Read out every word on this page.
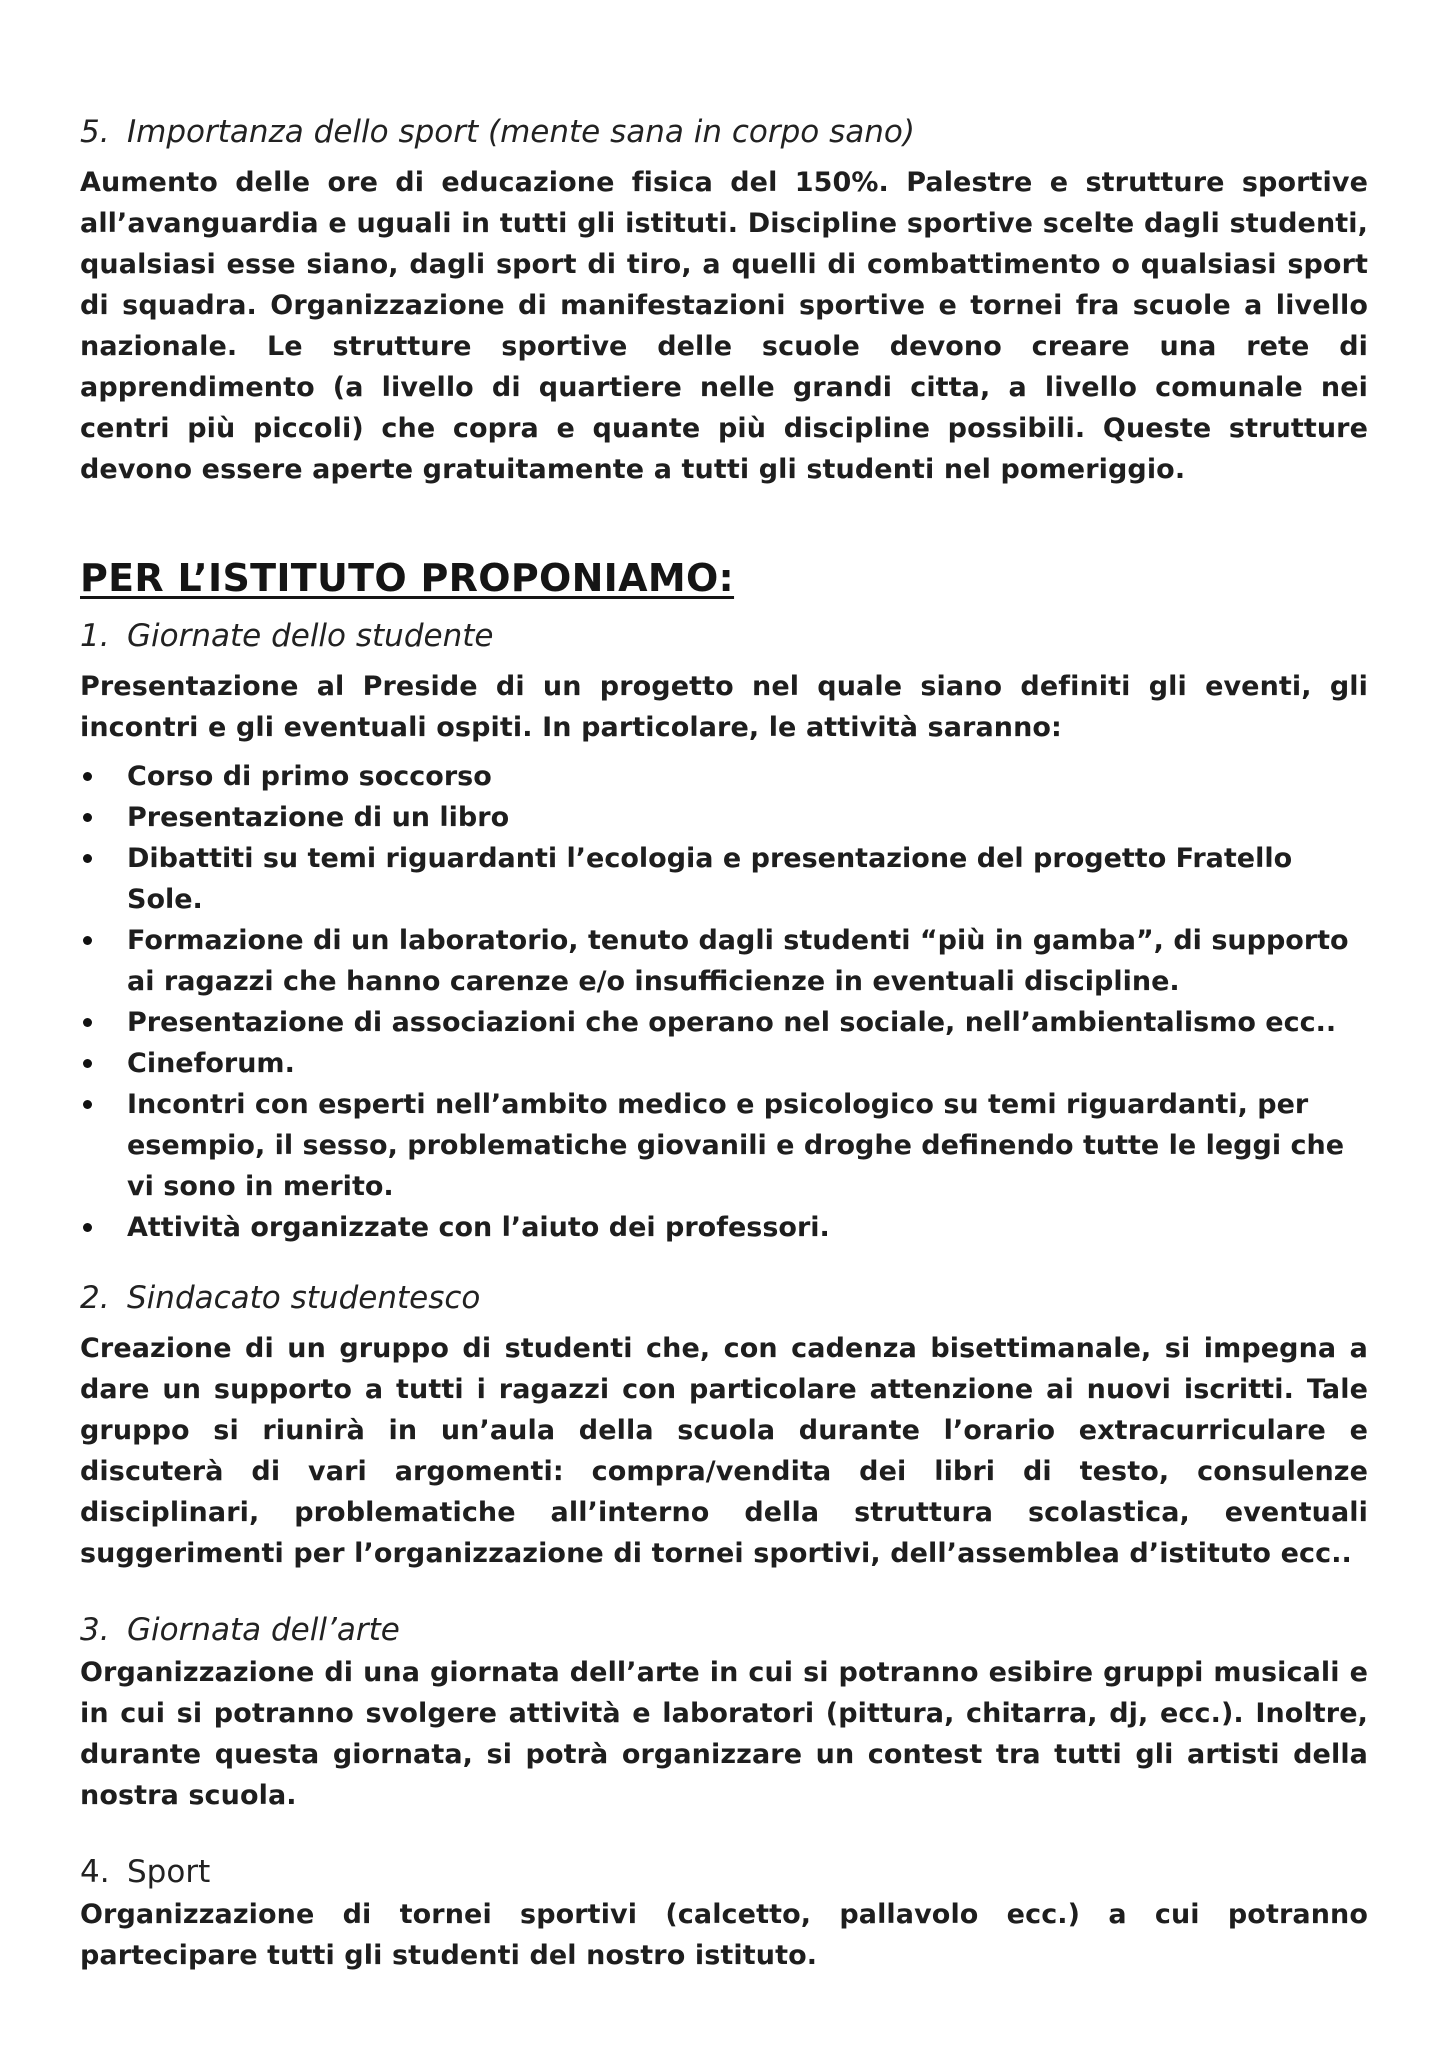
5. Importanza dello sport (mente sana in corpo sano)

Aumento delle ore di educazione fisica del 150%. Palestre e strutture sportive all’avanguardia e uguali in tutti gli istituti. Discipline sportive scelte dagli studenti, qualsiasi esse siano, dagli sport di tiro, a quelli di combattimento o qualsiasi sport di squadra. Organizzazione di manifestazioni sportive e tornei fra scuole a livello nazionale. Le strutture sportive delle scuole devono creare una rete di apprendimento (a livello di quartiere nelle grandi citta, a livello comunale nei centri più piccoli) che copra e quante più discipline possibili. Queste strutture devono essere aperte gratuitamente a tutti gli studenti nel pomeriggio.

PER L’ISTITUTO PROPONIAMO:
1. Giornate dello studente

Presentazione al Preside di un progetto nel quale siano definiti gli eventi, gli incontri e gli eventuali ospiti. In particolare, le attività saranno:

Corso di primo soccorso
Presentazione di un libro
Dibattiti su temi riguardanti l’ecologia e presentazione del progetto Fratello Sole.
Formazione di un laboratorio, tenuto dagli studenti “più in gamba”, di supporto ai ragazzi che hanno carenze e/o insufficienze in eventuali discipline.
Presentazione di associazioni che operano nel sociale, nell’ambientalismo ecc..
Cineforum.
Incontri con esperti nell’ambito medico e psicologico su temi riguardanti, per esempio, il sesso, problematiche giovanili e droghe definendo tutte le leggi che vi sono in merito.
Attività organizzate con l’aiuto dei professori.
2. Sindacato studentesco

Creazione di un gruppo di studenti che, con cadenza bisettimanale, si impegna a dare un supporto a tutti i ragazzi con particolare attenzione ai nuovi iscritti. Tale gruppo si riunirà in un’aula della scuola durante l’orario extracurriculare e discuterà di vari argomenti: compra/vendita dei libri di testo, consulenze disciplinari, problematiche all’interno della struttura scolastica, eventuali suggerimenti per l’organizzazione di tornei sportivi, dell’assemblea d’istituto ecc..

3. Giornata dell’arte

Organizzazione di una giornata dell’arte in cui si potranno esibire gruppi musicali e in cui si potranno svolgere attività e laboratori (pittura, chitarra, dj, ecc.). Inoltre, durante questa giornata, si potrà organizzare un contest tra tutti gli artisti della nostra scuola.

4. Sport

Organizzazione di tornei sportivi (calcetto, pallavolo ecc.) a cui potranno partecipare tutti gli studenti del nostro istituto.
